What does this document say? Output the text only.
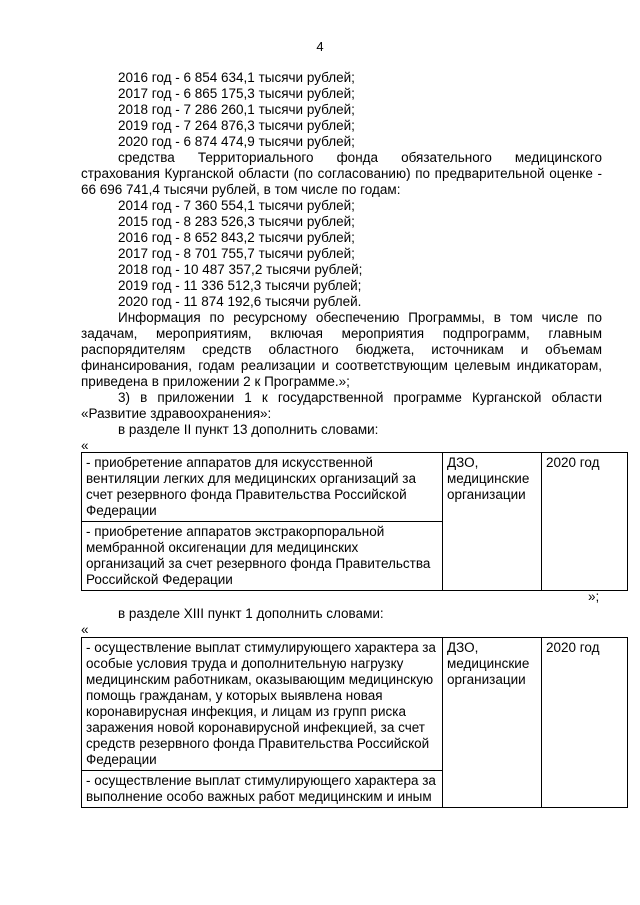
4
2016 год - 6 854 634,1 тысячи рублей;
2017 год - 6 865 175,3 тысячи рублей;
2018 год - 7 286 260,1 тысячи рублей;
2019 год - 7 264 876,3 тысячи рублей;
2020 год - 6 874 474,9 тысячи рублей;
средства Территориального фонда обязательного медицинского
страхования Курганской области (по согласованию) по предварительной оценке -
66 696 741,4 тысячи рублей, в том числе по годам:
2014 год - 7 360 554,1 тысячи рублей;
2015 год - 8 283 526,3 тысячи рублей;
2016 год - 8 652 843,2 тысячи рублей;
2017 год - 8 701 755,7 тысячи рублей;
2018 год - 10 487 357,2 тысячи рублей;
2019 год - 11 336 512,3 тысячи рублей;
2020 год - 11 874 192,6 тысячи рублей.
Информация по ресурсному обеспечению Программы, в том числе по
задачам, мероприятиям, включая мероприятия подпрограмм, главным
распорядителям средств областного бюджета, источникам и объемам
финансирования, годам реализации и соответствующим целевым индикаторам,
приведена в приложении 2 к Программе.»;
3) в приложении 1 к государственной программе Курганской области
«Развитие здравоохранения»:
в разделе II пункт 13 дополнить словами:
«
- приобретение аппаратов для искусственной вентиляции легких для медицинских организаций за счет резервного фонда Правительства Российской Федерации	ДЗО, медицинские организации	2020 год
- приобретение аппаратов экстракорпоральной мембранной оксигенации для медицинских организаций за счет резервного фонда Правительства Российской Федерации
»;
в разделе XIII пункт 1 дополнить словами:
«
- осуществление выплат стимулирующего характера за особые условия труда и дополнительную нагрузку медицинским работникам, оказывающим медицинскую помощь гражданам, у которых выявлена новая коронавирусная инфекция, и лицам из групп риска заражения новой коронавирусной инфекцией, за счет средств резервного фонда Правительства Российской Федерации	ДЗО, медицинские организации	2020 год
- осуществление выплат стимулирующего характера за выполнение особо важных работ медицинским и иным
